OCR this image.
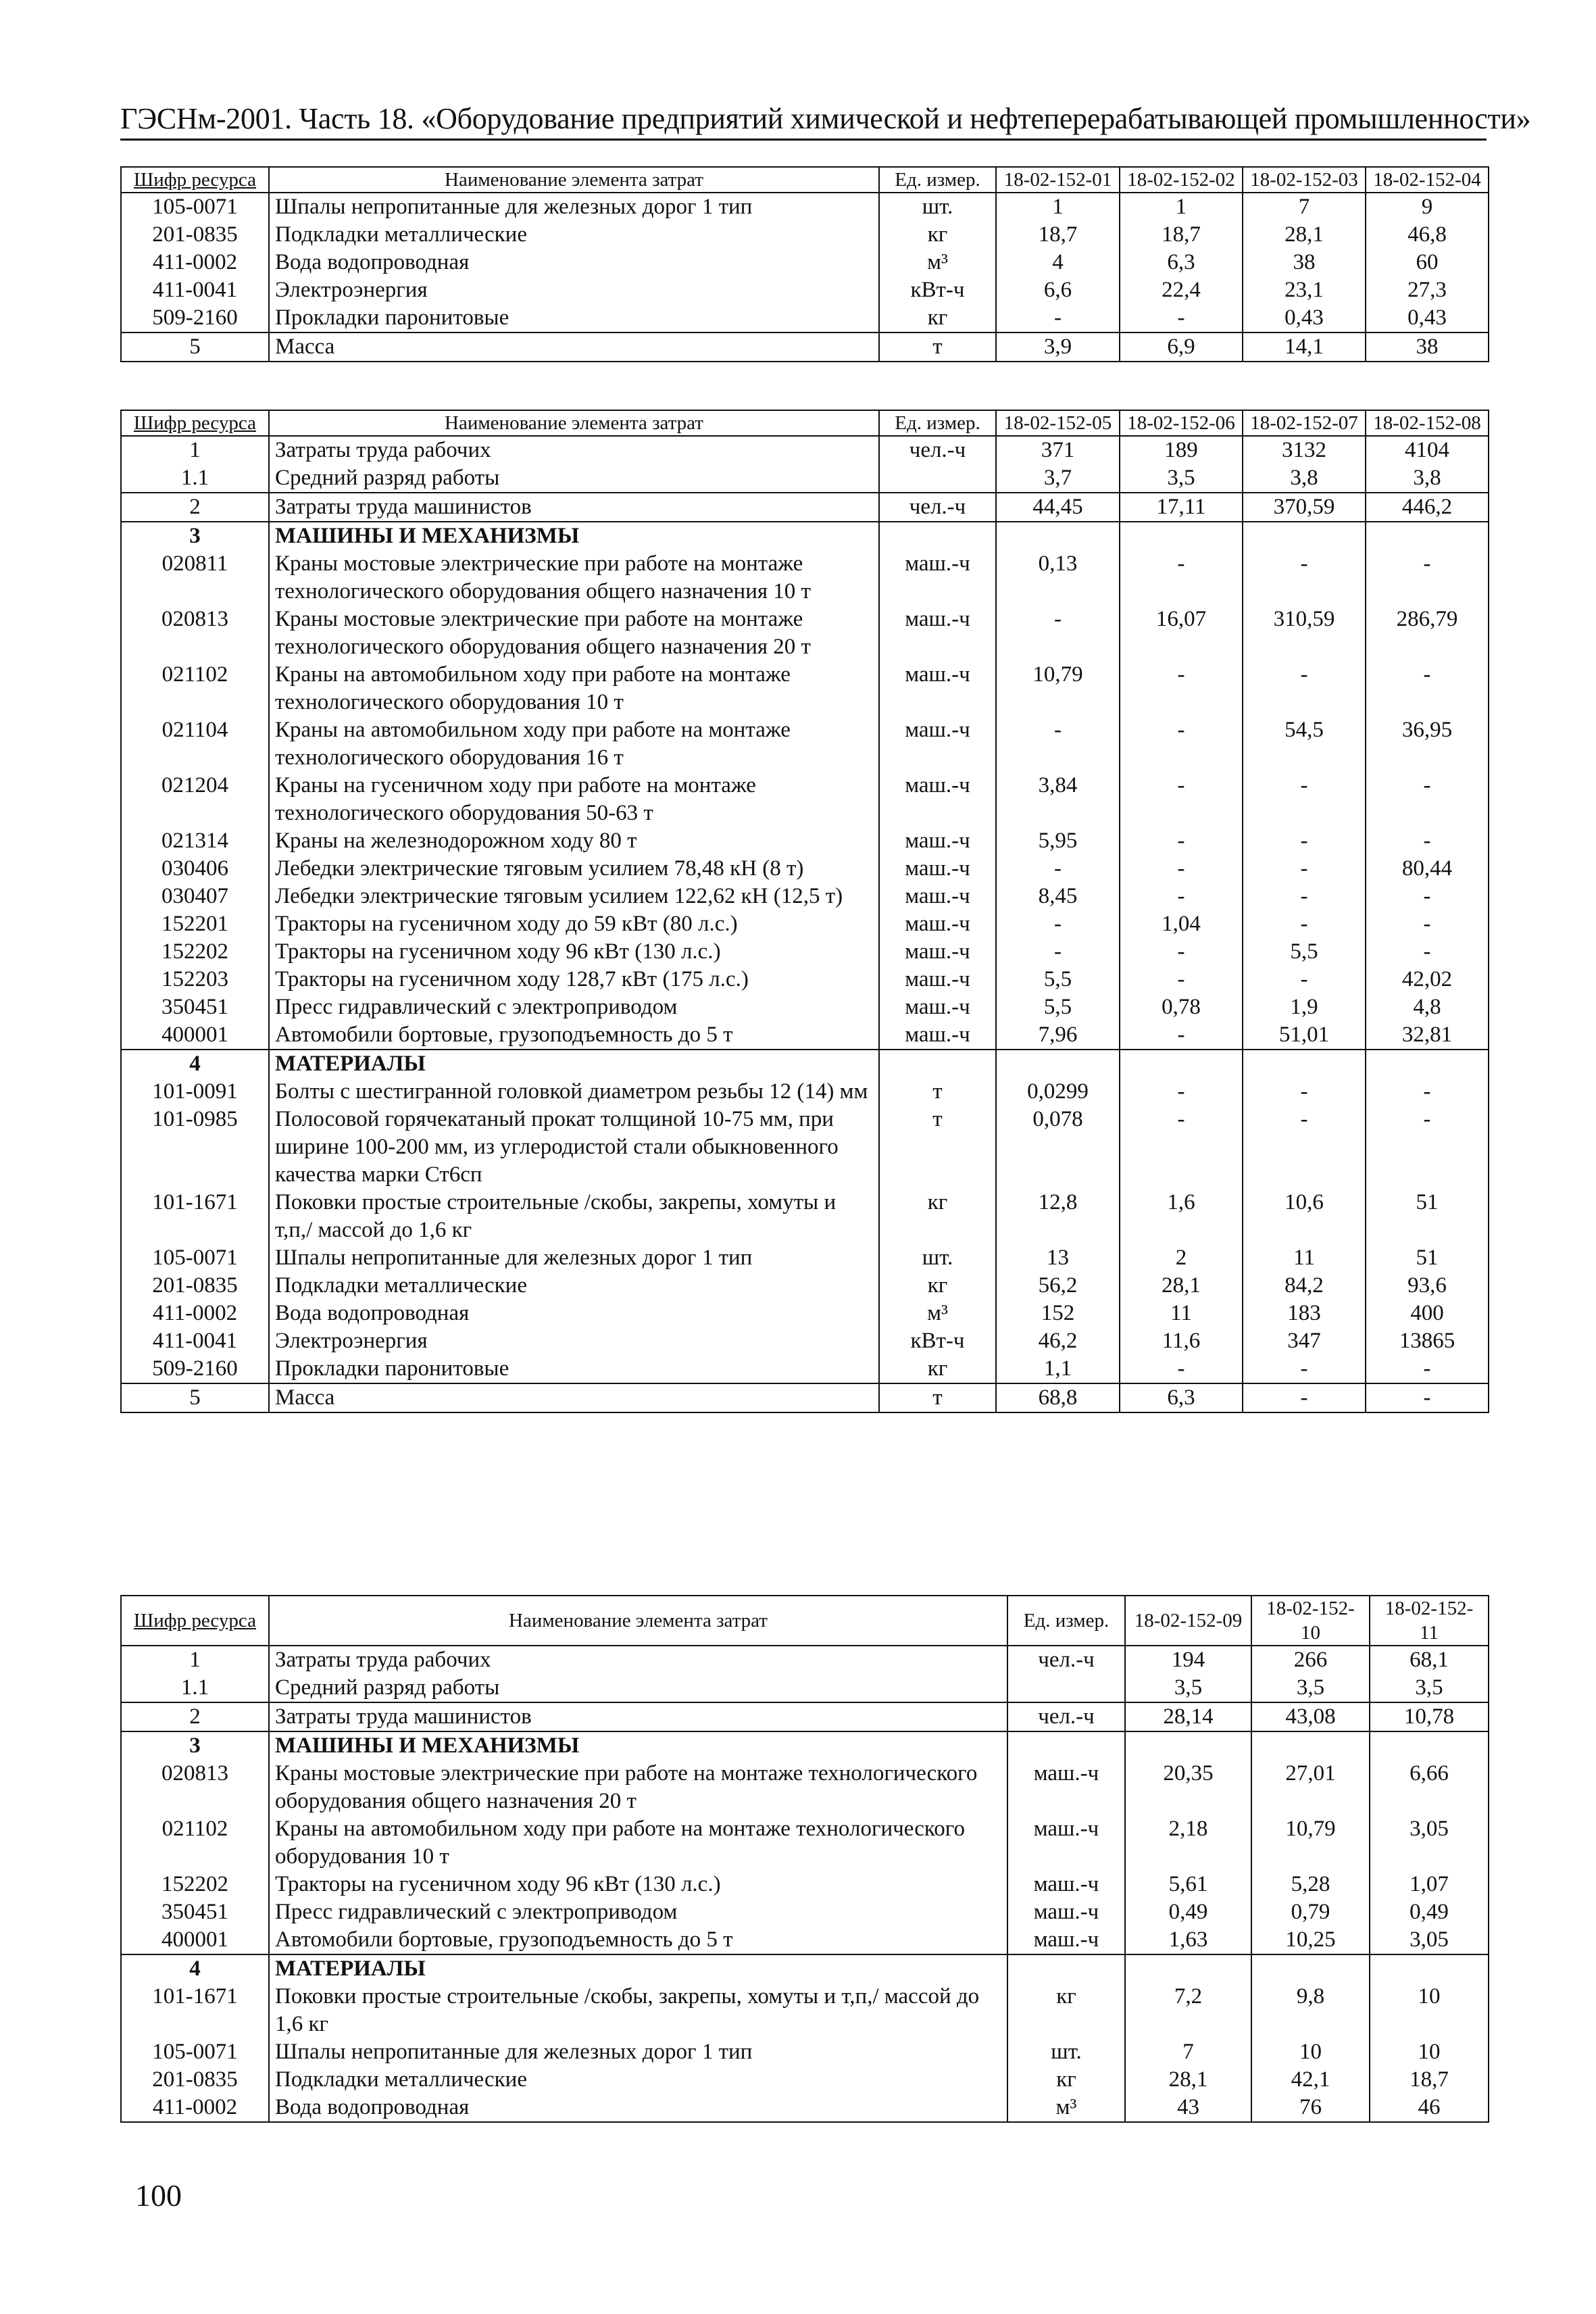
ГЭСНм-2001. Часть 18. «Оборудование предприятий химической и нефтеперерабатывающей промышленности»
Шифр ресурса	Наименование элемента затрат	Ед. измер.	18-02-152-01	18-02-152-02	18-02-152-03	18-02-152-04
105-0071	Шпалы непропитанные для железных дорог 1 тип	шт.	1	1	7	9
201-0835	Подкладки металлические	кг	18,7	18,7	28,1	46,8
411-0002	Вода водопроводная	м³	4	6,3	38	60
411-0041	Электроэнергия	кВт-ч	6,6	22,4	23,1	27,3
509-2160	Прокладки паронитовые	кг	-	-	0,43	0,43
5	Масса	т	3,9	6,9	14,1	38
Шифр ресурса	Наименование элемента затрат	Ед. измер.	18-02-152-05	18-02-152-06	18-02-152-07	18-02-152-08
1	Затраты труда рабочих	чел.-ч	371	189	3132	4104
1.1	Средний разряд работы		3,7	3,5	3,8	3,8
2	Затраты труда машинистов	чел.-ч	44,45	17,11	370,59	446,2
3	МАШИНЫ И МЕХАНИЗМЫ					
020811	Краны мостовые электрические при работе на монтаже технологического оборудования общего назначения 10 т	маш.-ч	0,13	-	-	-
020813	Краны мостовые электрические при работе на монтаже технологического оборудования общего назначения 20 т	маш.-ч	-	16,07	310,59	286,79
021102	Краны на автомобильном ходу при работе на монтаже технологического оборудования 10 т	маш.-ч	10,79	-	-	-
021104	Краны на автомобильном ходу при работе на монтаже технологического оборудования 16 т	маш.-ч	-	-	54,5	36,95
021204	Краны на гусеничном ходу при работе на монтаже технологического оборудования 50-63 т	маш.-ч	3,84	-	-	-
021314	Краны на железнодорожном ходу 80 т	маш.-ч	5,95	-	-	-
030406	Лебедки электрические тяговым усилием 78,48 кН (8 т)	маш.-ч	-	-	-	80,44
030407	Лебедки электрические тяговым усилием 122,62 кН (12,5 т)	маш.-ч	8,45	-	-	-
152201	Тракторы на гусеничном ходу до 59 кВт (80 л.с.)	маш.-ч	-	1,04	-	-
152202	Тракторы на гусеничном ходу 96 кВт (130 л.с.)	маш.-ч	-	-	5,5	-
152203	Тракторы на гусеничном ходу 128,7 кВт (175 л.с.)	маш.-ч	5,5	-	-	42,02
350451	Пресс гидравлический с электроприводом	маш.-ч	5,5	0,78	1,9	4,8
400001	Автомобили бортовые, грузоподъемность до 5 т	маш.-ч	7,96	-	51,01	32,81
4	МАТЕРИАЛЫ					
101-0091	Болты с шестигранной головкой диаметром резьбы 12 (14) мм	т	0,0299	-	-	-
101-0985	Полосовой горячекатаный прокат толщиной 10-75 мм, при ширине 100-200 мм, из углеродистой стали обыкновенного качества марки Ст6сп	т	0,078	-	-	-
101-1671	Поковки простые строительные /скобы, закрепы, хомуты и т,п,/ массой до 1,6 кг	кг	12,8	1,6	10,6	51
105-0071	Шпалы непропитанные для железных дорог 1 тип	шт.	13	2	11	51
201-0835	Подкладки металлические	кг	56,2	28,1	84,2	93,6
411-0002	Вода водопроводная	м³	152	11	183	400
411-0041	Электроэнергия	кВт-ч	46,2	11,6	347	13865
509-2160	Прокладки паронитовые	кг	1,1	-	-	-
5	Масса	т	68,8	6,3	-	-
Шифр ресурса	Наименование элемента затрат	Ед. измер.	18-02-152-09	18-02-152-10	18-02-152-11
1	Затраты труда рабочих	чел.-ч	194	266	68,1
1.1	Средний разряд работы		3,5	3,5	3,5
2	Затраты труда машинистов	чел.-ч	28,14	43,08	10,78
3	МАШИНЫ И МЕХАНИЗМЫ				
020813	Краны мостовые электрические при работе на монтаже технологического оборудования общего назначения 20 т	маш.-ч	20,35	27,01	6,66
021102	Краны на автомобильном ходу при работе на монтаже технологического оборудования 10 т	маш.-ч	2,18	10,79	3,05
152202	Тракторы на гусеничном ходу 96 кВт (130 л.с.)	маш.-ч	5,61	5,28	1,07
350451	Пресс гидравлический с электроприводом	маш.-ч	0,49	0,79	0,49
400001	Автомобили бортовые, грузоподъемность до 5 т	маш.-ч	1,63	10,25	3,05
4	МАТЕРИАЛЫ				
101-1671	Поковки простые строительные /скобы, закрепы, хомуты и т,п,/ массой до 1,6 кг	кг	7,2	9,8	10
105-0071	Шпалы непропитанные для железных дорог 1 тип	шт.	7	10	10
201-0835	Подкладки металлические	кг	28,1	42,1	18,7
411-0002	Вода водопроводная	м³	43	76	46
100
